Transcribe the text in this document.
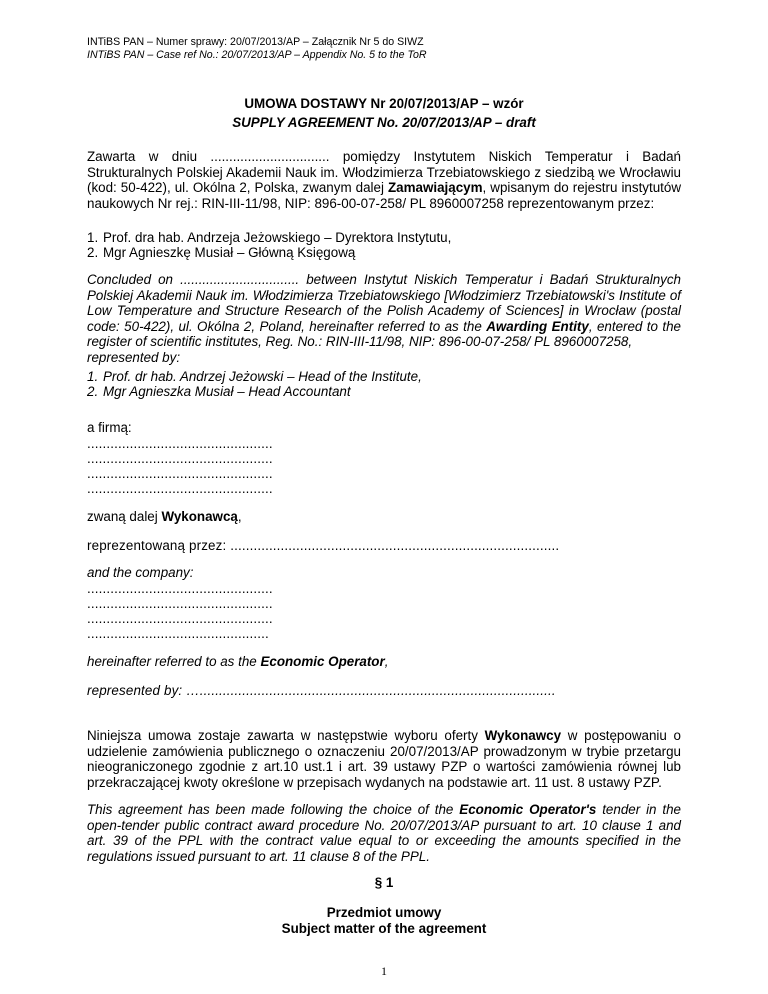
INTiBS PAN – Numer sprawy: 20/07/2013/AP – Załącznik Nr 5 do SIWZ
INTiBS PAN – Case ref No.: 20/07/2013/AP – Appendix No. 5 to the ToR
UMOWA DOSTAWY Nr 20/07/2013/AP – wzór
SUPPLY AGREEMENT No. 20/07/2013/AP – draft
Zawarta w dniu ................................ pomiędzy Instytutem Niskich Temperatur i Badań Strukturalnych Polskiej Akademii Nauk im. Włodzimierza Trzebiatowskiego z siedzibą we Wrocławiu (kod: 50-422), ul. Okólna 2, Polska, zwanym dalej Zamawiającym, wpisanym do rejestru instytutów naukowych Nr rej.: RIN-III-11/98, NIP: 896-00-07-258/ PL 8960007258 reprezentowanym przez:
1. Prof. dra hab. Andrzeja Jeżowskiego – Dyrektora Instytutu,
2. Mgr Agnieszkę Musiał – Główną Księgową
Concluded on ................................ between Instytut Niskich Temperatur i Badań Strukturalnych Polskiej Akademii Nauk im. Włodzimierza Trzebiatowskiego [Włodzimierz Trzebiatowski's Institute of Low Temperature and Structure Research of the Polish Academy of Sciences] in Wrocław (postal code: 50-422), ul. Okólna 2, Poland, hereinafter referred to as the Awarding Entity, entered to the register of scientific institutes, Reg. No.: RIN-III-11/98, NIP: 896-00-07-258/ PL 8960007258,
represented by:
1. Prof. dr hab. Andrzej Jeżowski – Head of the Institute,
2. Mgr Agnieszka Musiał – Head Accountant
a firmą:
................................................
................................................
................................................
................................................
zwaną dalej Wykonawcą,
reprezentowaną przez: .....................................................................................
and the company:
................................................
................................................
................................................
...............................................
hereinafter referred to as the Economic Operator,
represented by: …............................................................................................
Niniejsza umowa zostaje zawarta w następstwie wyboru oferty Wykonawcy w postępowaniu o udzielenie zamówienia publicznego o oznaczeniu 20/07/2013/AP prowadzonym w trybie przetargu nieograniczonego zgodnie z art.10 ust.1 i art. 39 ustawy PZP o wartości zamówienia równej lub przekraczającej kwoty określone w przepisach wydanych na podstawie art. 11 ust. 8 ustawy PZP.
This agreement has been made following the choice of the Economic Operator's tender in the open-tender public contract award procedure No. 20/07/2013/AP pursuant to art. 10 clause 1 and art. 39 of the PPL with the contract value equal to or exceeding the amounts specified in the regulations issued pursuant to art. 11 clause 8 of the PPL.
§ 1
Przedmiot umowy
Subject matter of the agreement
1
